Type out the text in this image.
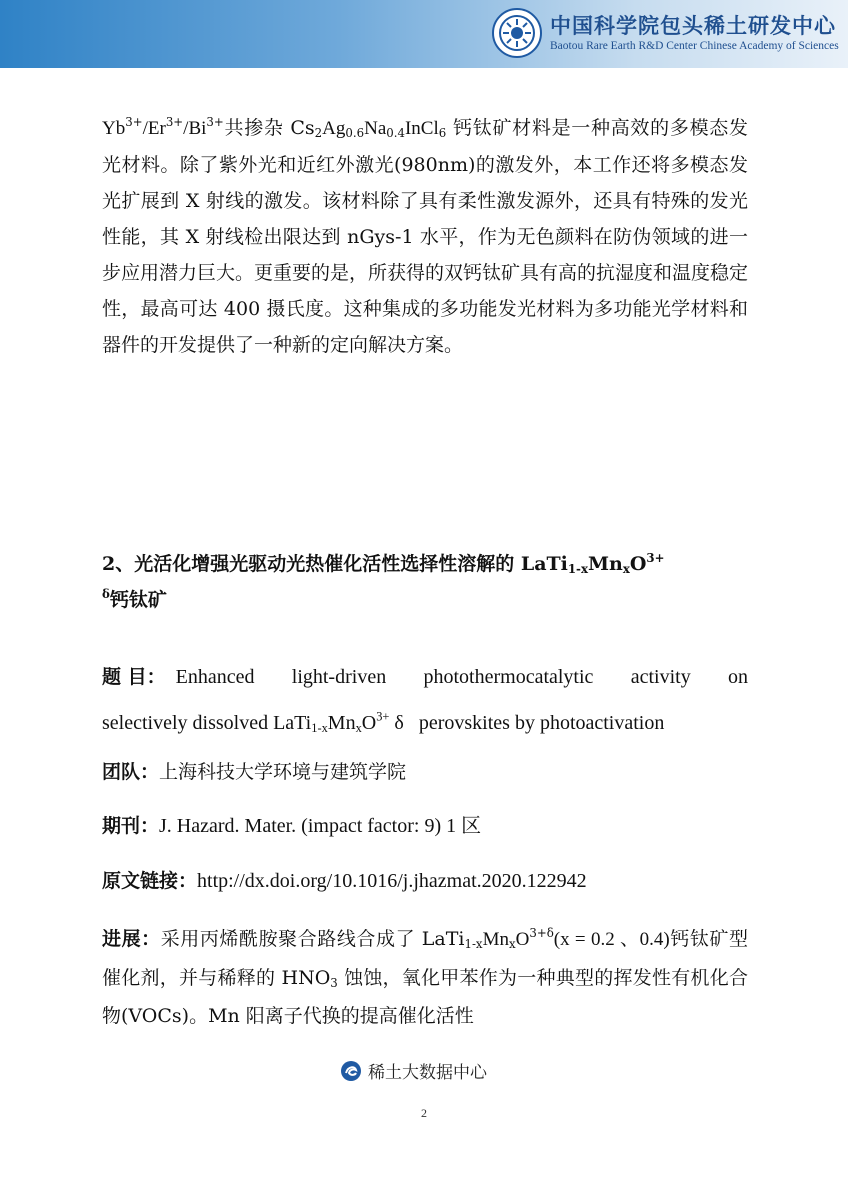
中国科学院包头稀土研发中心
Baotou Rare Earth R&D Center Chinese Academy of Sciences
$Yb^{3+}/Er^{3+}/Bi^{3+}$共掺杂 $Cs_2Ag_{0.6}Na_{0.4}InCl_6$ 钙钛矿材料是一种高效的多模态发光材料。除了紫外光和近红外激光(980nm)的激发外，本工作还将多模态发光扩展到 X 射线的激发。该材料除了具有柔性激发源外，还具有特殊的发光性能，其 X 射线检出限达到 nGys-1 水平，作为无色颜料在防伪领域的进一步应用潜力巨大。更重要的是，所获得的双钙钛矿具有高的抗湿度和温度稳定性，最高可达 400 摄氏度。这种集成的多功能发光材料为多功能光学材料和器件的开发提供了一种新的定向解决方案。
2、光活化增强光驱动光热催化活性选择性溶解的 $LaTi_{1-x}Mn_xO^{3+}$
$^\delta$钙钛矿
题 目： Enhanced light-driven photothermocatalytic activity on
selectively dissolved $LaTi_{1-x}Mn_xO^{3+}$ δ   perovskites by photoactivation
团队：上海科技大学环境与建筑学院
期刊：J. Hazard. Mater. (impact factor: 9) 1 区
原文链接：http://dx.doi.org/10.1016/j.jhazmat.2020.122942
进展：采用丙烯酰胺聚合路线合成了 $LaTi_{1-x}Mn_xO^{3+\delta}(x = 0.2$ 、0.4)钙钛矿型催化剂，并与稀释的 $HNO_3$ 蚀蚀，氧化甲苯作为一种典型的挥发性有机化合物(VOCs)。Mn 阳离子代换的提高催化活性
稀土大数据中心
2
